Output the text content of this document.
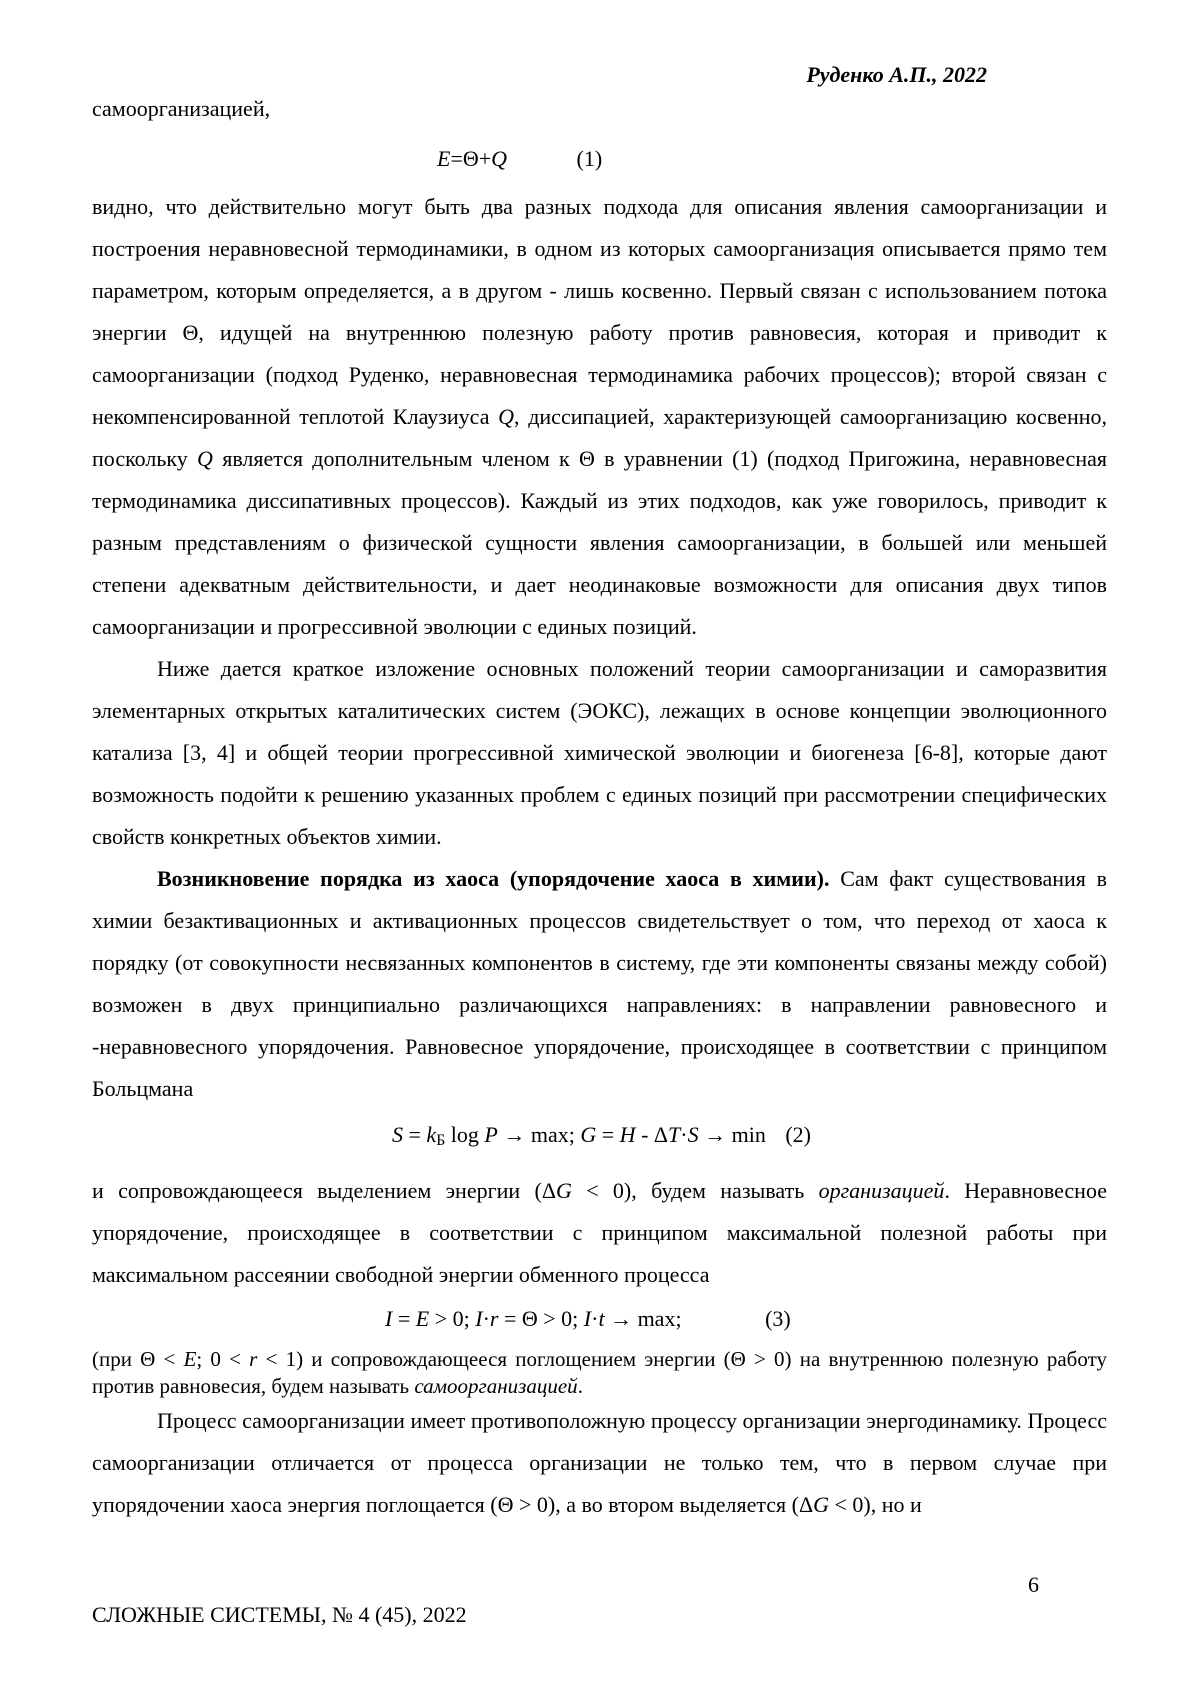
Руденко А.П., 2022
самоорганизацией,
E=Θ+Q	(1)

видно, что действительно могут быть два разных подхода для описания явления самоорганизации и построения неравновесной термодинамики, в одном из которых самоорганизация описывается прямо тем параметром, которым определяется, а в другом - лишь косвенно. Первый связан с использованием потока энергии Θ, идущей на внутреннюю полезную работу против равновесия, которая и приводит к самоорганизации (подход Руденко, неравновесная термодинамика рабочих процессов); второй связан с некомпенсированной теплотой Клаузиуса Q, диссипацией, характеризующей самоорганизацию косвенно, поскольку Q является дополнительным членом к Θ в уравнении (1) (подход Пригожина, неравновесная термодинамика диссипативных процессов). Каждый из этих подходов, как уже говорилось, приводит к разным представлениям о физической сущности явления самоорганизации, в большей или меньшей степени адекватным действительности, и дает неодинаковые возможности для описания двух типов самоорганизации и прогрессивной эволюции с единых позиций.

Ниже дается краткое изложение основных положений теории самоорганизации и саморазвития элементарных открытых каталитических систем (ЭОКС), лежащих в основе концепции эволюционного катализа [3, 4] и общей теории прогрессивной химической эволюции и биогенеза [6-8], которые дают возможность подойти к решению указанных проблем с единых позиций при рассмотрении специфических свойств конкретных объектов химии.

Возникновение порядка из хаоса (упорядочение хаоса в химии). Сам факт существования в химии безактивационных и активационных процессов свидетельствует о том, что переход от хаоса к порядку (от совокупности несвязанных компонентов в систему, где эти компоненты связаны между собой) возможен в двух принципиально различающихся направлениях: в направлении равновесного и -неравновесного упорядочения. Равновесное упорядочение, происходящее в соответствии с принципом Больцмана

S = kБ log P → max; G = H - ΔT·S → min (2)

и сопровождающееся выделением энергии (ΔG < 0), будем называть организацией. Неравновесное упорядочение, происходящее в соответствии с принципом максимальной полезной работы при максимальном рассеянии свободной энергии обменного процесса

I = E > 0; I·r = Θ > 0; I·t → max;	(3)

(при Θ < E; 0 < r < 1) и сопровождающееся поглощением энергии (Θ > 0) на внутреннюю полезную работу против равновесия, будем называть самоорганизацией.

Процесс самоорганизации имеет противоположную процессу организации энергодинамику. Процесс самоорганизации отличается от процесса организации не только тем, что в первом случае при упорядочении хаоса энергия поглощается (Θ > 0), а во втором выделяется (ΔG < 0), но и

6
СЛОЖНЫЕ СИСТЕМЫ, № 4 (45), 2022
